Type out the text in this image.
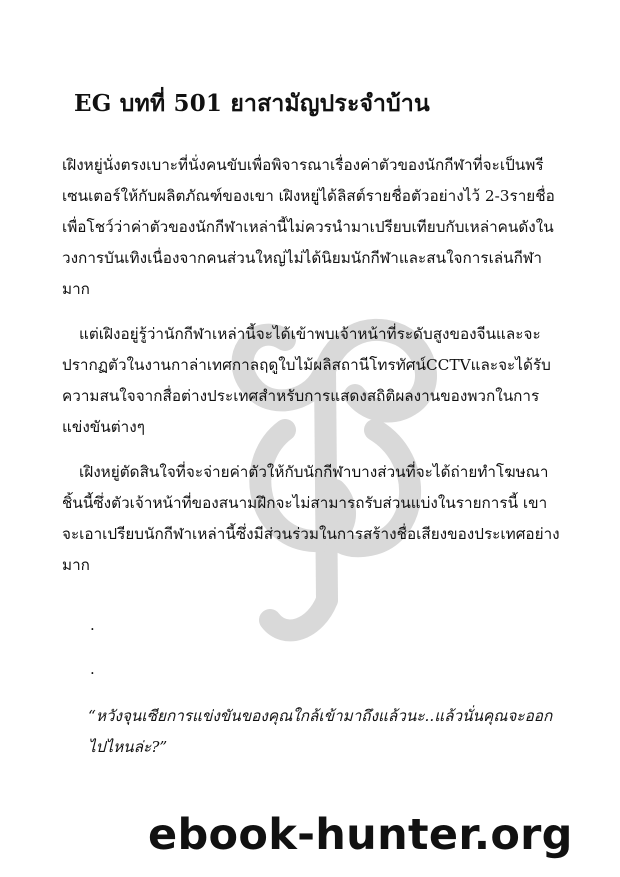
EG บทที่ 501 ยาสามัญประจำบ้าน

เฝิงหยู่นั่งตรงเบาะที่นั่งคนขับเพื่อพิจารณาเรื่องค่าตัวของนักกีฬาที่จะเป็นพรีเซนเตอร์ให้กับผลิตภัณฑ์ของเขา เฝิงหยู่ได้ลิสต์รายชื่อตัวอย่างไว้ 2-3รายชื่อเพื่อโชว์ว่าค่าตัวของนักกีฬาเหล่านี้ไม่ควรนำมาเปรียบเทียบกับเหล่าคนดังในวงการบันเทิงเนื่องจากคนส่วนใหญ่ไม่ได้นิยมนักกีฬาและสนใจการเล่นกีฬามาก

แต่เฝิงอยู่รู้ว่านักกีฬาเหล่านี้จะได้เข้าพบเจ้าหน้าที่ระดับสูงของจีนและจะปรากฏตัวในงานกาล่าเทศกาลฤดูใบไม้ผลิสถานีโทรทัศน์CCTVและจะได้รับความสนใจจากสื่อต่างประเทศสำหรับการแสดงสถิติผลงานของพวกในการแข่งขันต่างๆ

เฝิงหยู่ตัดสินใจที่จะจ่ายค่าตัวให้กับนักกีฬาบางส่วนที่จะได้ถ่ายทำโฆษณาชิ้นนี้ซึ่งตัวเจ้าหน้าที่ของสนามฝึกจะไม่สามารถรับส่วนแบ่งในรายการนี้ เขาจะเอาเปรียบนักกีฬาเหล่านี้ซึ่งมีส่วนร่วมในการสร้างชื่อเสียงของประเทศอย่างมาก

.
.

“หวังจุนเซียการแข่งขันของคุณใกล้เข้ามาถึงแล้วนะ..แล้วนั่นคุณจะออกไปไหนล่ะ?”

ebook-hunter.org
